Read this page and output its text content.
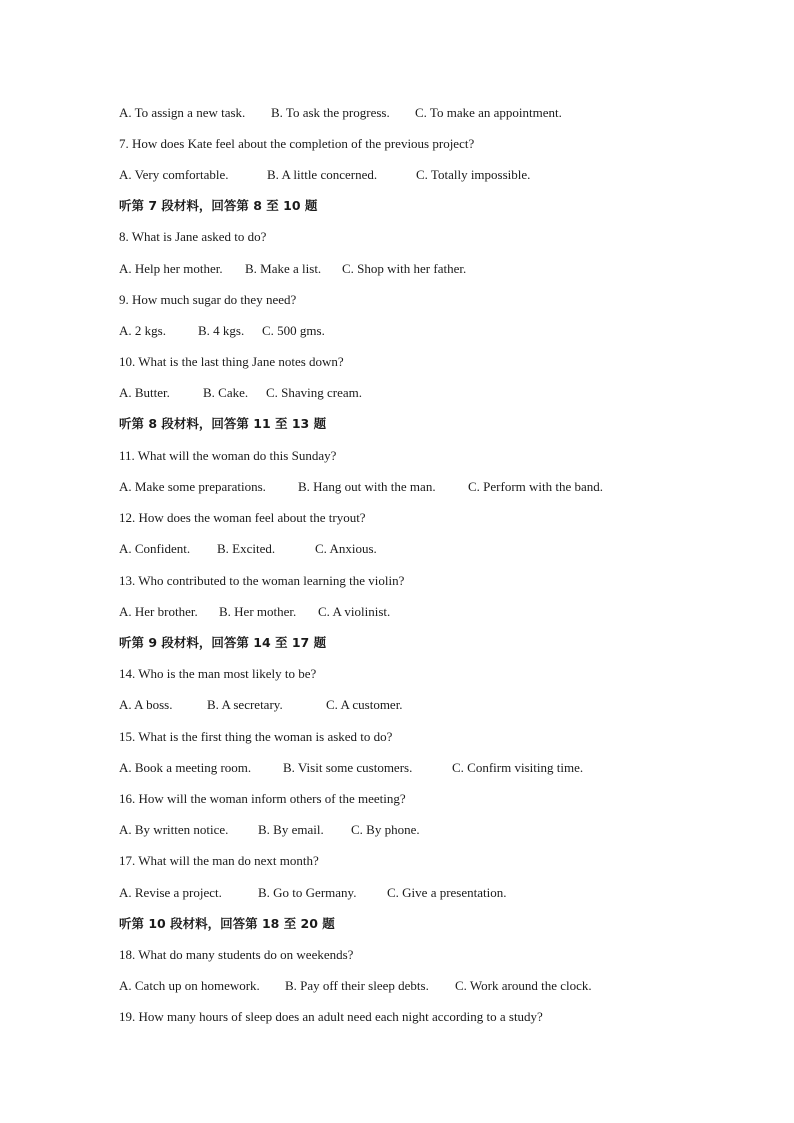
A. To assign a new task. B. To ask the progress. C. To make an appointment.
7. How does Kate feel about the completion of the previous project?
A. Very comfortable.	B. A little concerned.	C. Totally impossible.
听第 7 段材料，回答第 8 至 10 题
8. What is Jane asked to do?
A. Help her mother. B. Make a list. C. Shop with her father.
9. How much sugar do they need?
A. 2 kgs. B. 4 kgs. C. 500 gms.
10. What is the last thing Jane notes down?
A. Butter.	B. Cake. C. Shaving cream.
听第 8 段材料，回答第 11 至 13 题
11. What will the woman do this Sunday?
A. Make some preparations. B. Hang out with the man. C. Perform with the band.
12. How does the woman feel about the tryout?
A. Confident. B. Excited.	C. Anxious.
13. Who contributed to the woman learning the violin?
A. Her brother. B. Her mother. C. A violinist.
听第 9 段材料，回答第 14 至 17 题
14. Who is the man most likely to be?
A. A boss.	B. A secretary.	C. A customer.
15. What is the first thing the woman is asked to do?
A. Book a meeting room. B. Visit some customers.	C. Confirm visiting time.
16. How will the woman inform others of the meeting?
A. By written notice. B. By email. C. By phone.
17. What will the man do next month?
A. Revise a project.	B. Go to Germany. C. Give a presentation.
听第 10 段材料，回答第 18 至 20 题
18. What do many students do on weekends?
A. Catch up on homework. B. Pay off their sleep debts. C. Work around the clock.
19. How many hours of sleep does an adult need each night according to a study?
